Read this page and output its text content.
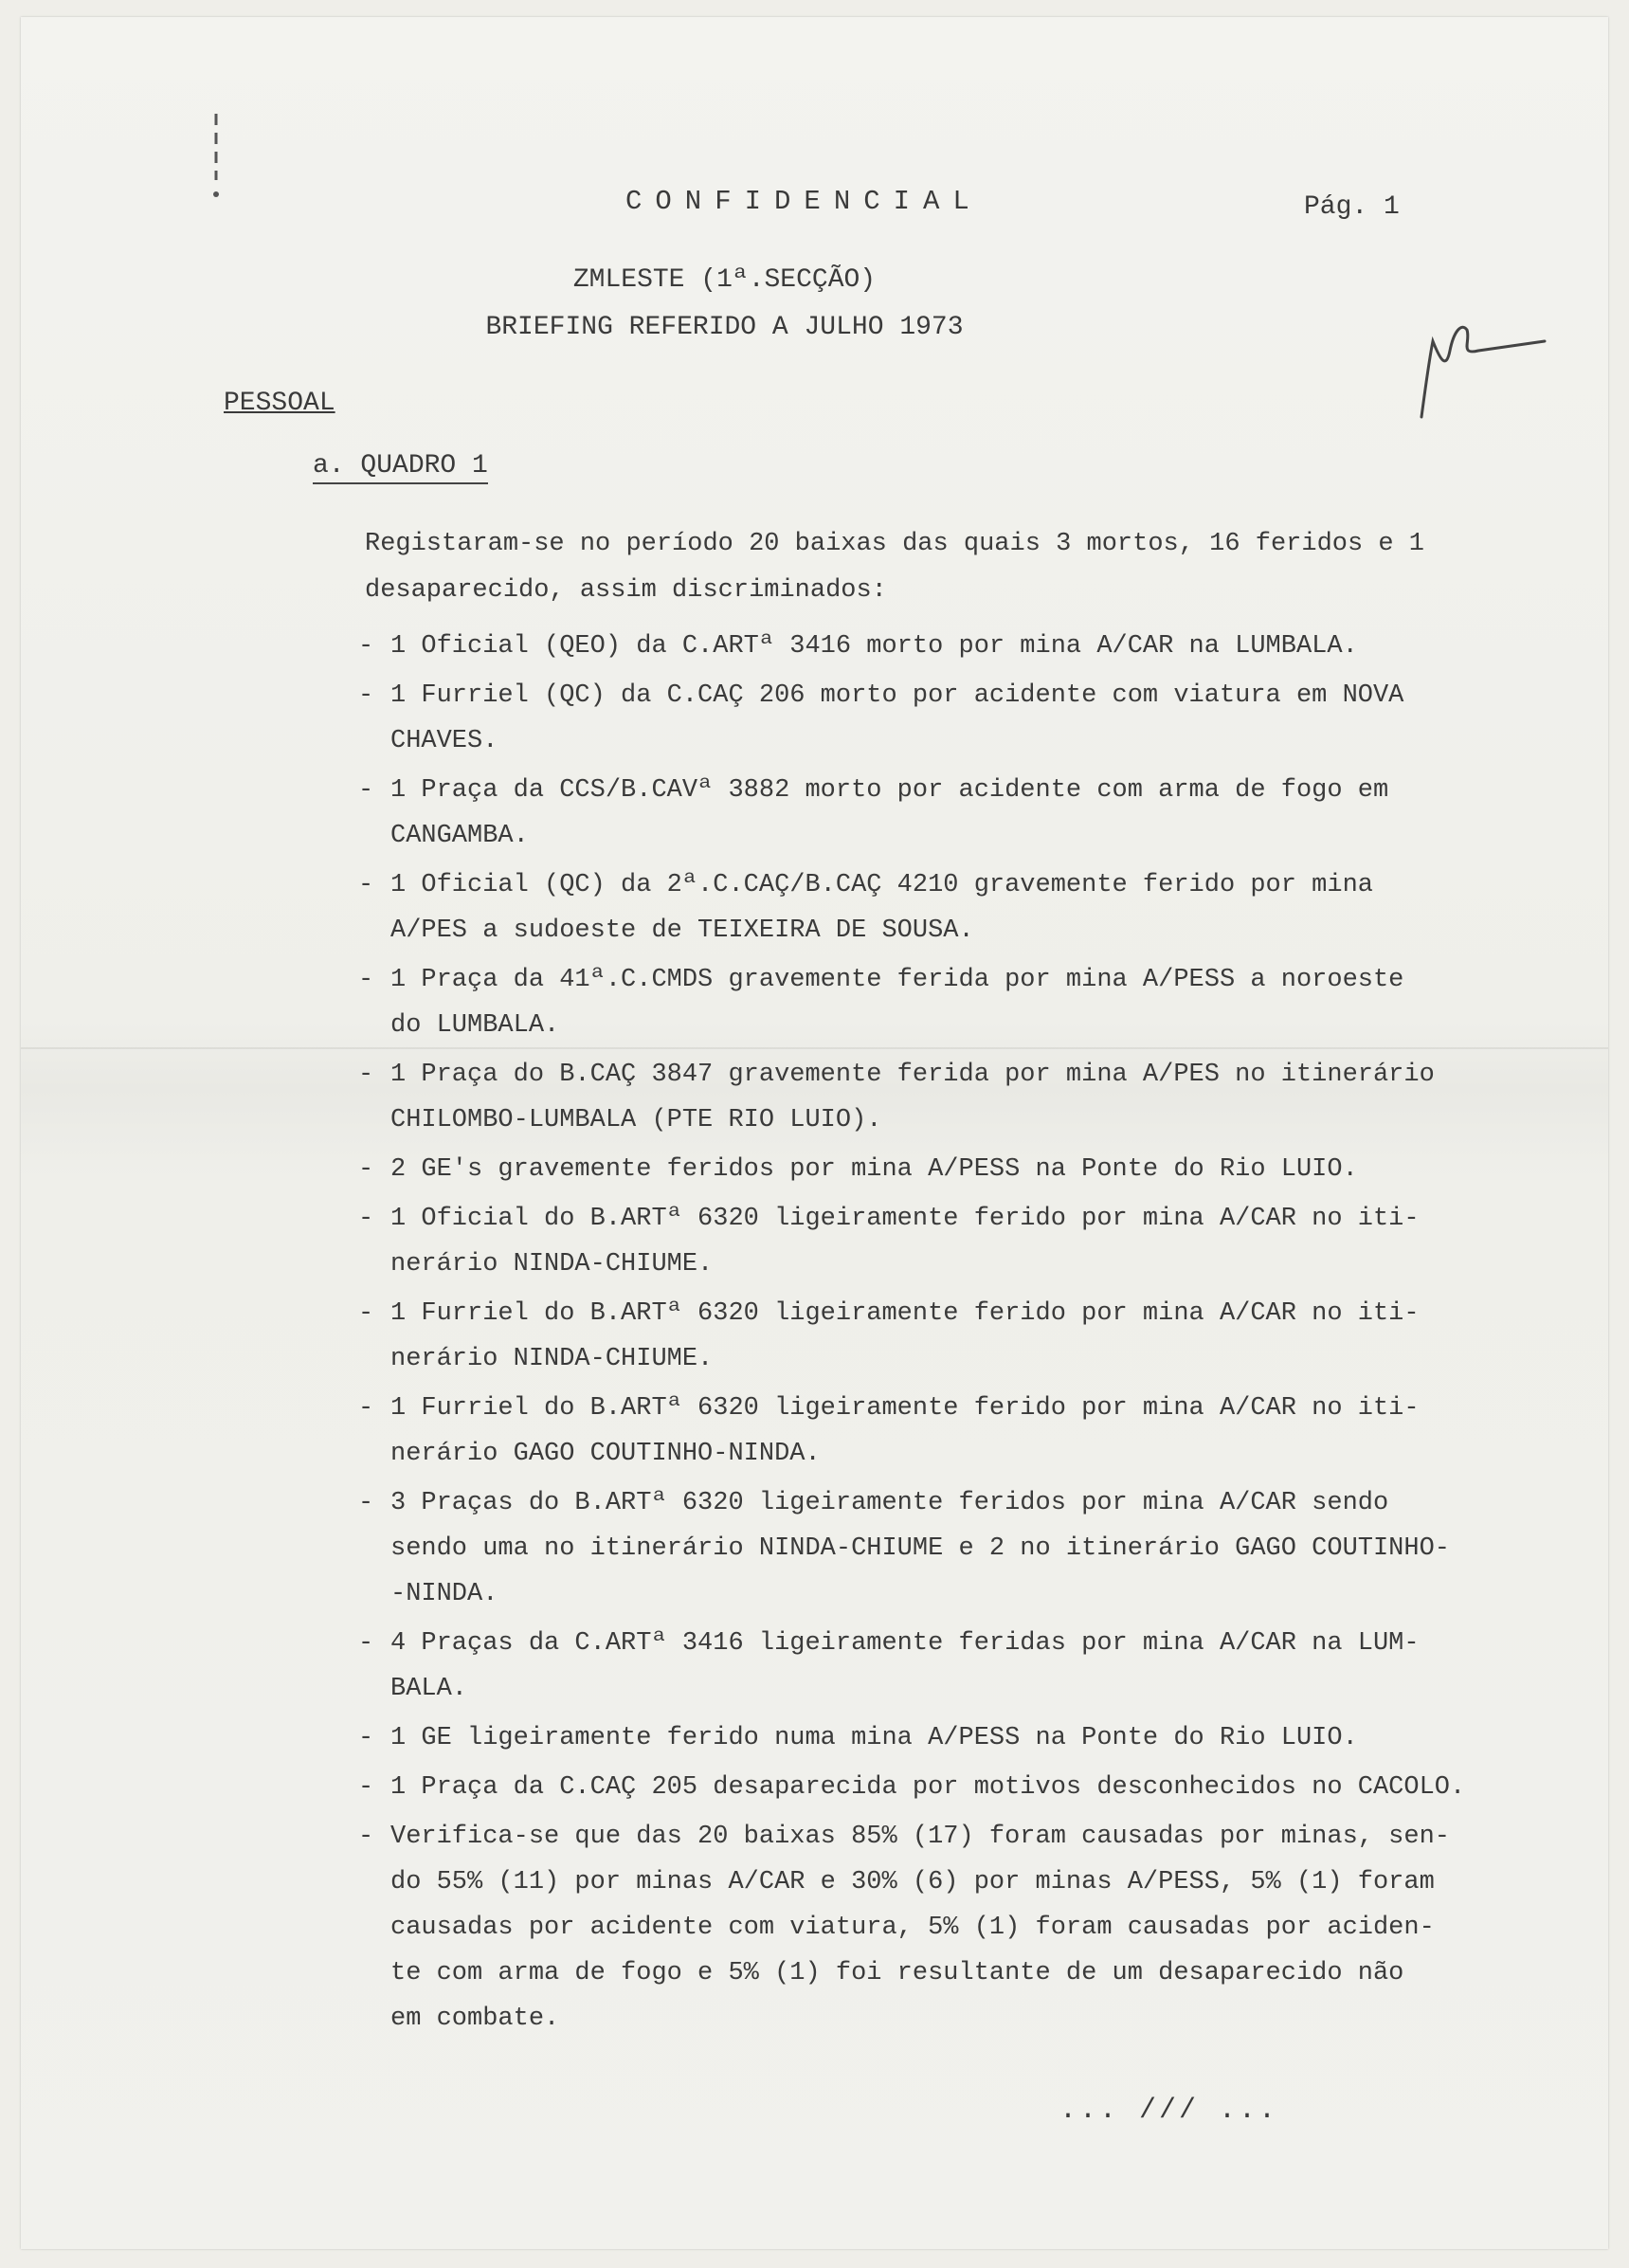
CONFIDENCIAL	Pág. 1
ZMLESTE (1ª.SECÇÃO)
BRIEFING REFERIDO A JULHO 1973
PESSOAL
a. QUADRO 1
Registaram-se no período 20 baixas das quais 3 mortos, 16 feridos e 1
desaparecido, assim discriminados:
- 1 Oficial (QEO) da C.ARTª 3416 morto por mina A/CAR na LUMBALA.
- 1 Furriel (QC) da C.CAÇ 206 morto por acidente com viatura em NOVA
CHAVES.
- 1 Praça da CCS/B.CAVª 3882 morto por acidente com arma de fogo em
CANGAMBA.
- 1 Oficial (QC) da 2ª.C.CAÇ/B.CAÇ 4210 gravemente ferido por mina
A/PES a sudoeste de TEIXEIRA DE SOUSA.
- 1 Praça da 41ª.C.CMDS gravemente ferida por mina A/PESS a noroeste
do LUMBALA.
- 1 Praça do B.CAÇ 3847 gravemente ferida por mina A/PES no itinerário
CHILOMBO-LUMBALA (PTE RIO LUIO).
- 2 GE's gravemente feridos por mina A/PESS na Ponte do Rio LUIO.
- 1 Oficial do B.ARTª 6320 ligeiramente ferido por mina A/CAR no iti-
nerário NINDA-CHIUME.
- 1 Furriel do B.ARTª 6320 ligeiramente ferido por mina A/CAR no iti-
nerário NINDA-CHIUME.
- 1 Furriel do B.ARTª 6320 ligeiramente ferido por mina A/CAR no iti-
nerário GAGO COUTINHO-NINDA.
- 3 Praças do B.ARTª 6320 ligeiramente feridos por mina A/CAR sendo
sendo uma no itinerário NINDA-CHIUME e 2 no itinerário GAGO COUTINHO-
-NINDA.
- 4 Praças da C.ARTª 3416 ligeiramente feridas por mina A/CAR na LUM-
BALA.
- 1 GE ligeiramente ferido numa mina A/PESS na Ponte do Rio LUIO.
- 1 Praça da C.CAÇ 205 desaparecida por motivos desconhecidos no CACOLO.
- Verifica-se que das 20 baixas 85% (17) foram causadas por minas, sen-
do 55% (11) por minas A/CAR e 30% (6) por minas A/PESS, 5% (1) foram
causadas por acidente com viatura, 5% (1) foram causadas por aciden-
te com arma de fogo e 5% (1) foi resultante de um desaparecido não
em combate.
... /// ...
